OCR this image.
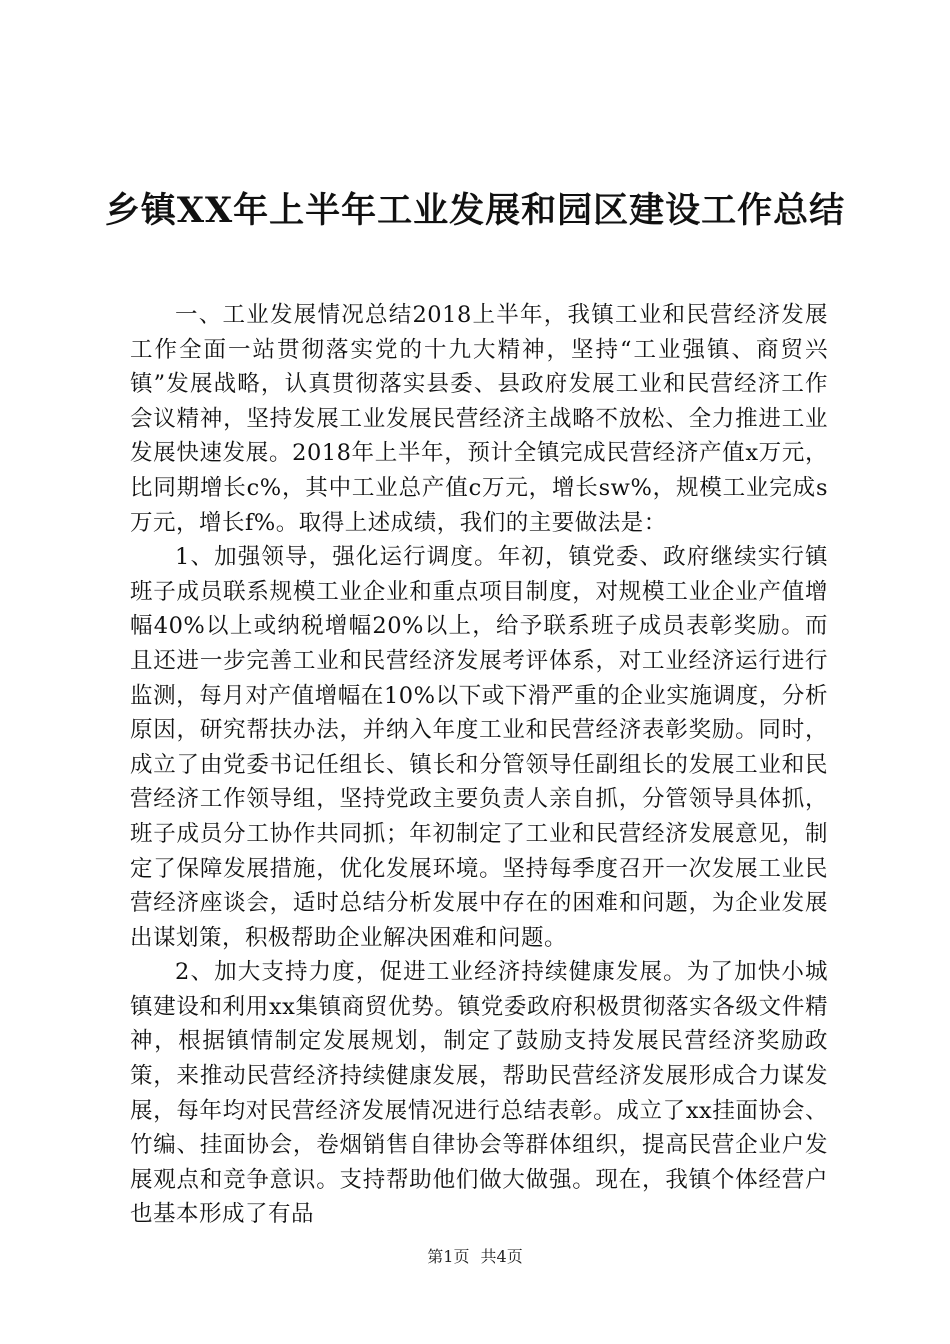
乡镇XX年上半年工业发展和园区建设工作总结

一、工业发展情况总结2018上半年，我镇工业和民营经济发展工作全面一站贯彻落实党的十九大精神，坚持“工业强镇、商贸兴镇”发展战略，认真贯彻落实县委、县政府发展工业和民营经济工作会议精神，坚持发展工业发展民营经济主战略不放松、全力推进工业发展快速发展。2018年上半年，预计全镇完成民营经济产值x万元，比同期增长c%，其中工业总产值c万元，增长sw%，规模工业完成s万元，增长f%。取得上述成绩，我们的主要做法是：

1、加强领导，强化运行调度。年初，镇党委、政府继续实行镇班子成员联系规模工业企业和重点项目制度，对规模工业企业产值增幅40%以上或纳税增幅20%以上，给予联系班子成员表彰奖励。而且还进一步完善工业和民营经济发展考评体系，对工业经济运行进行监测，每月对产值增幅在10%以下或下滑严重的企业实施调度，分析原因，研究帮扶办法，并纳入年度工业和民营经济表彰奖励。同时，成立了由党委书记任组长、镇长和分管领导任副组长的发展工业和民营经济工作领导组，坚持党政主要负责人亲自抓，分管领导具体抓，班子成员分工协作共同抓；年初制定了工业和民营经济发展意见，制定了保障发展措施，优化发展环境。坚持每季度召开一次发展工业民营经济座谈会，适时总结分析发展中存在的困难和问题，为企业发展出谋划策，积极帮助企业解决困难和问题。

2、加大支持力度，促进工业经济持续健康发展。为了加快小城镇建设和利用xx集镇商贸优势。镇党委政府积极贯彻落实各级文件精神，根据镇情制定发展规划，制定了鼓励支持发展民营经济奖励政策，来推动民营经济持续健康发展，帮助民营经济发展形成合力谋发展，每年均对民营经济发展情况进行总结表彰。成立了xx挂面协会、竹编、挂面协会，卷烟销售自律协会等群体组织，提高民营企业户发展观点和竞争意识。支持帮助他们做大做强。现在，我镇个体经营户也基本形成了有品

第1页 共4页
